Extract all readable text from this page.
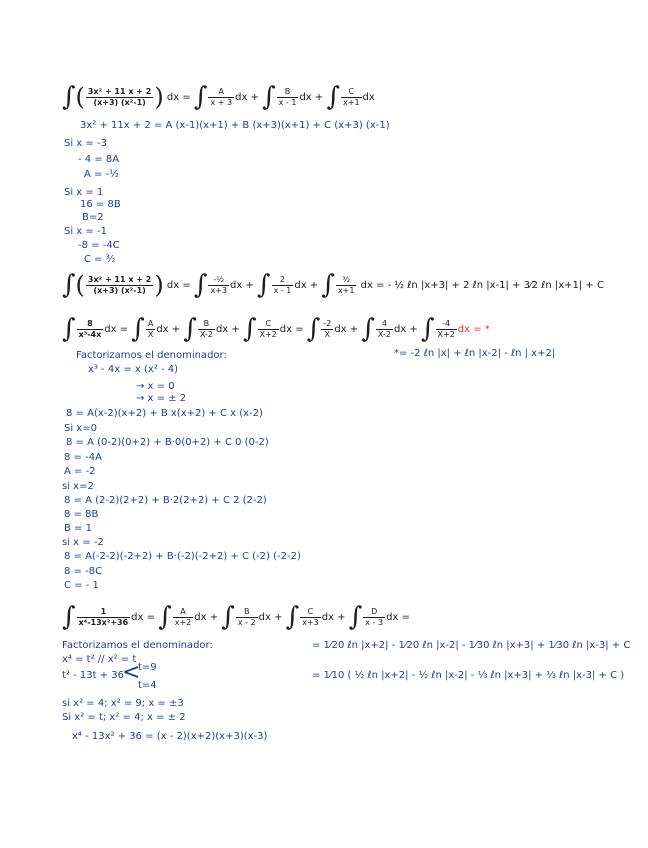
∫( $\frac{\text{3x² + 11 x + 2}}{\text{(x+3) (x²-1)}}$ ) dx = ∫ $\frac{A}{x + 3}$ dx + ∫ $\frac{B}{x - 1}$ dx + ∫ $\frac{C}{x+1}$ dx
3x² + 11x + 2 = A (x-1)(x+1) + B (x+3)(x+1) + C (x+3) (x-1)
Si x = -3
- 4 = 8A
A = -¹⁄₂
Si x = 1
16 = 8B
B=2
Si x = -1
-8 = -4C
C = ³⁄₂
∫( $\frac{\text{3x² + 11 x + 2}}{\text{(x+3) (x²-1)}}$ ) dx = ∫ $\frac{\text{-¹⁄₂}}{x+3}$ dx + ∫ $\frac{2}{x - 1}$ dx + ∫ $\frac{\text{³⁄₂}}{x+1}$ dx = - ½ ℓn |x+3| + 2 ℓn |x-1| + 3⁄2 ℓn |x+1| + C
∫ $\frac{8}{\text{x³-4x}}$ dx = ∫ $\frac{A}{X}$ dx + ∫ $\frac{B}{X-2}$ dx + ∫ $\frac{C}{X+2}$ dx = ∫ $\frac{-2}{X}$ dx + ∫ $\frac{4}{X-2}$ dx + ∫ $\frac{-4}{X+2}$ dx = *
Factorizamos el denominador:	*= -2 ℓn |x| + ℓn |x-2| - ℓn | x+2|
x³ - 4x = x (x² - 4)
→ x = 0
→ x = ± 2
8 = A(x-2)(x+2) + B x(x+2) + C x (x-2)
Si x=0
8 = A (0-2)(0+2) + B·0(0+2) + C 0 (0-2)
8 = -4A
A = -2
si x=2
8 = A (2-2)(2+2) + B·2(2+2) + C 2 (2-2)
8 = 8B
B = 1
si x = -2
8 = A(-2-2)(-2+2) + B·(-2)(-2+2) + C (-2) (-2-2)
8 = -8C
C = - 1
∫ $\frac{1}{\text{x⁴-13x²+36}}$ dx = ∫ $\frac{A}{x+2}$ dx + ∫ $\frac{B}{x - 2}$ dx + ∫ $\frac{C}{x+3}$ dx + ∫ $\frac{D}{x - 3}$ dx =
Factorizamos el denominador:	= 1⁄20 ℓn |x+2| - 1⁄20 ℓn |x-2| - 1⁄30 ℓn |x+3| + 1⁄30 ℓn |x-3| + C
x⁴ = t² // x² = t
t² - 13t + 36
<
t=9
t=4
= 1⁄10 ( ½ ℓn |x+2| - ½ ℓn |x-2| - ⅓ ℓn |x+3| + ⅓ ℓn |x-3| + C )
si x² = 4; x² = 9; x = ±3
Si x² = t; x² = 4; x = ± 2
x⁴ - 13x² + 36 = (x - 2)(x+2)(x+3)(x-3)
